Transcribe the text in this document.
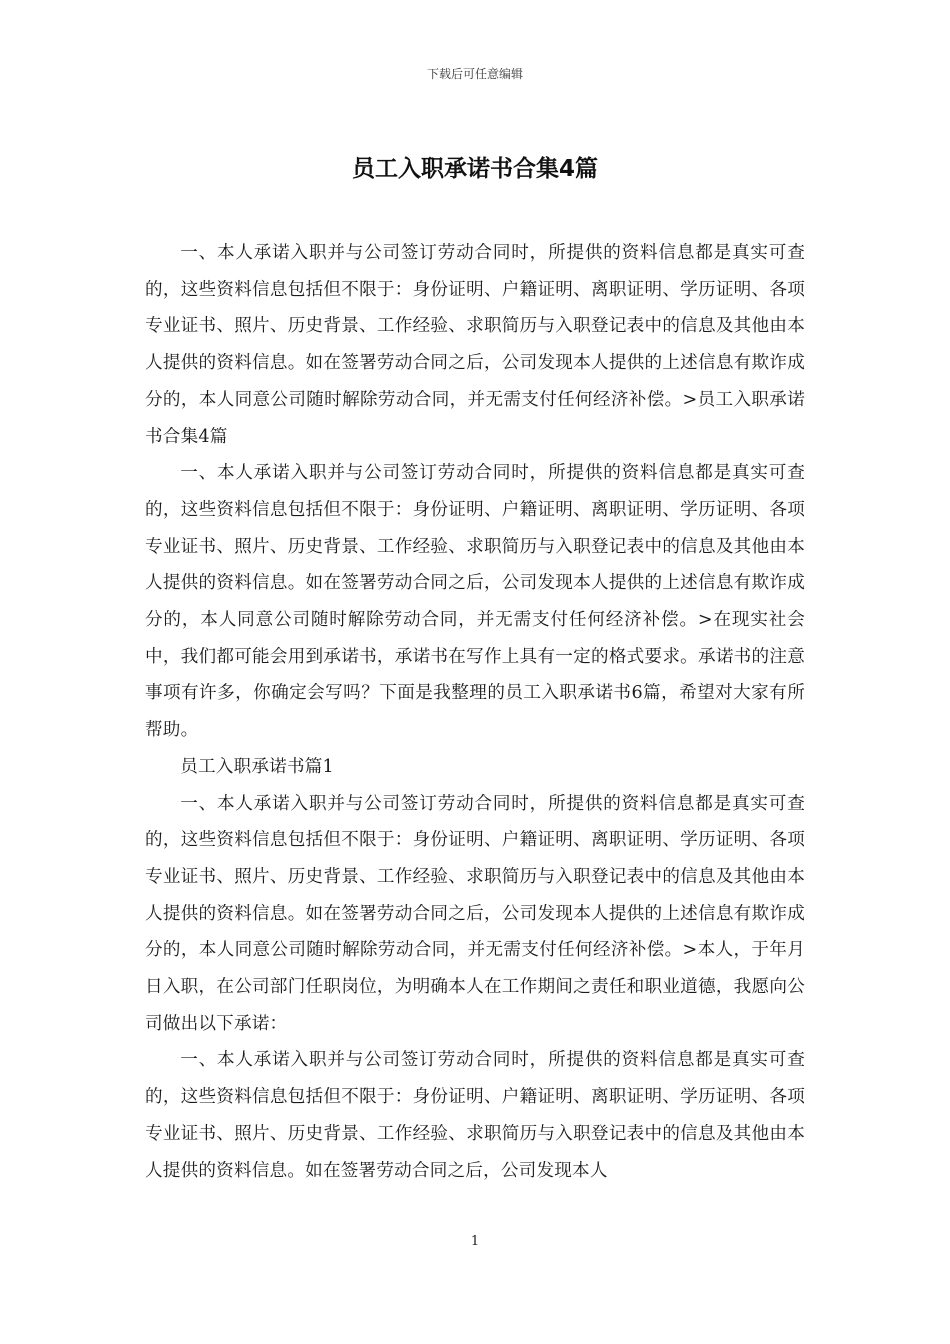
下载后可任意编辑
员工入职承诺书合集4篇

一、本人承诺入职并与公司签订劳动合同时，所提供的资料信息都是真实可查的，这些资料信息包括但不限于：身份证明、户籍证明、离职证明、学历证明、各项专业证书、照片、历史背景、工作经验、求职简历与入职登记表中的信息及其他由本人提供的资料信息。如在签署劳动合同之后，公司发现本人提供的上述信息有欺诈成分的，本人同意公司随时解除劳动合同，并无需支付任何经济补偿。>员工入职承诺书合集4篇

一、本人承诺入职并与公司签订劳动合同时，所提供的资料信息都是真实可查的，这些资料信息包括但不限于：身份证明、户籍证明、离职证明、学历证明、各项专业证书、照片、历史背景、工作经验、求职简历与入职登记表中的信息及其他由本人提供的资料信息。如在签署劳动合同之后，公司发现本人提供的上述信息有欺诈成分的，本人同意公司随时解除劳动合同，并无需支付任何经济补偿。>在现实社会中，我们都可能会用到承诺书，承诺书在写作上具有一定的格式要求。承诺书的注意事项有许多，你确定会写吗？下面是我整理的员工入职承诺书6篇，希望对大家有所帮助。

员工入职承诺书篇1

一、本人承诺入职并与公司签订劳动合同时，所提供的资料信息都是真实可查的，这些资料信息包括但不限于：身份证明、户籍证明、离职证明、学历证明、各项专业证书、照片、历史背景、工作经验、求职简历与入职登记表中的信息及其他由本人提供的资料信息。如在签署劳动合同之后，公司发现本人提供的上述信息有欺诈成分的，本人同意公司随时解除劳动合同，并无需支付任何经济补偿。>本人，于年月日入职，在公司部门任职岗位，为明确本人在工作期间之责任和职业道德，我愿向公司做出以下承诺：

一、本人承诺入职并与公司签订劳动合同时，所提供的资料信息都是真实可查的，这些资料信息包括但不限于：身份证明、户籍证明、离职证明、学历证明、各项专业证书、照片、历史背景、工作经验、求职简历与入职登记表中的信息及其他由本人提供的资料信息。如在签署劳动合同之后，公司发现本人

1
